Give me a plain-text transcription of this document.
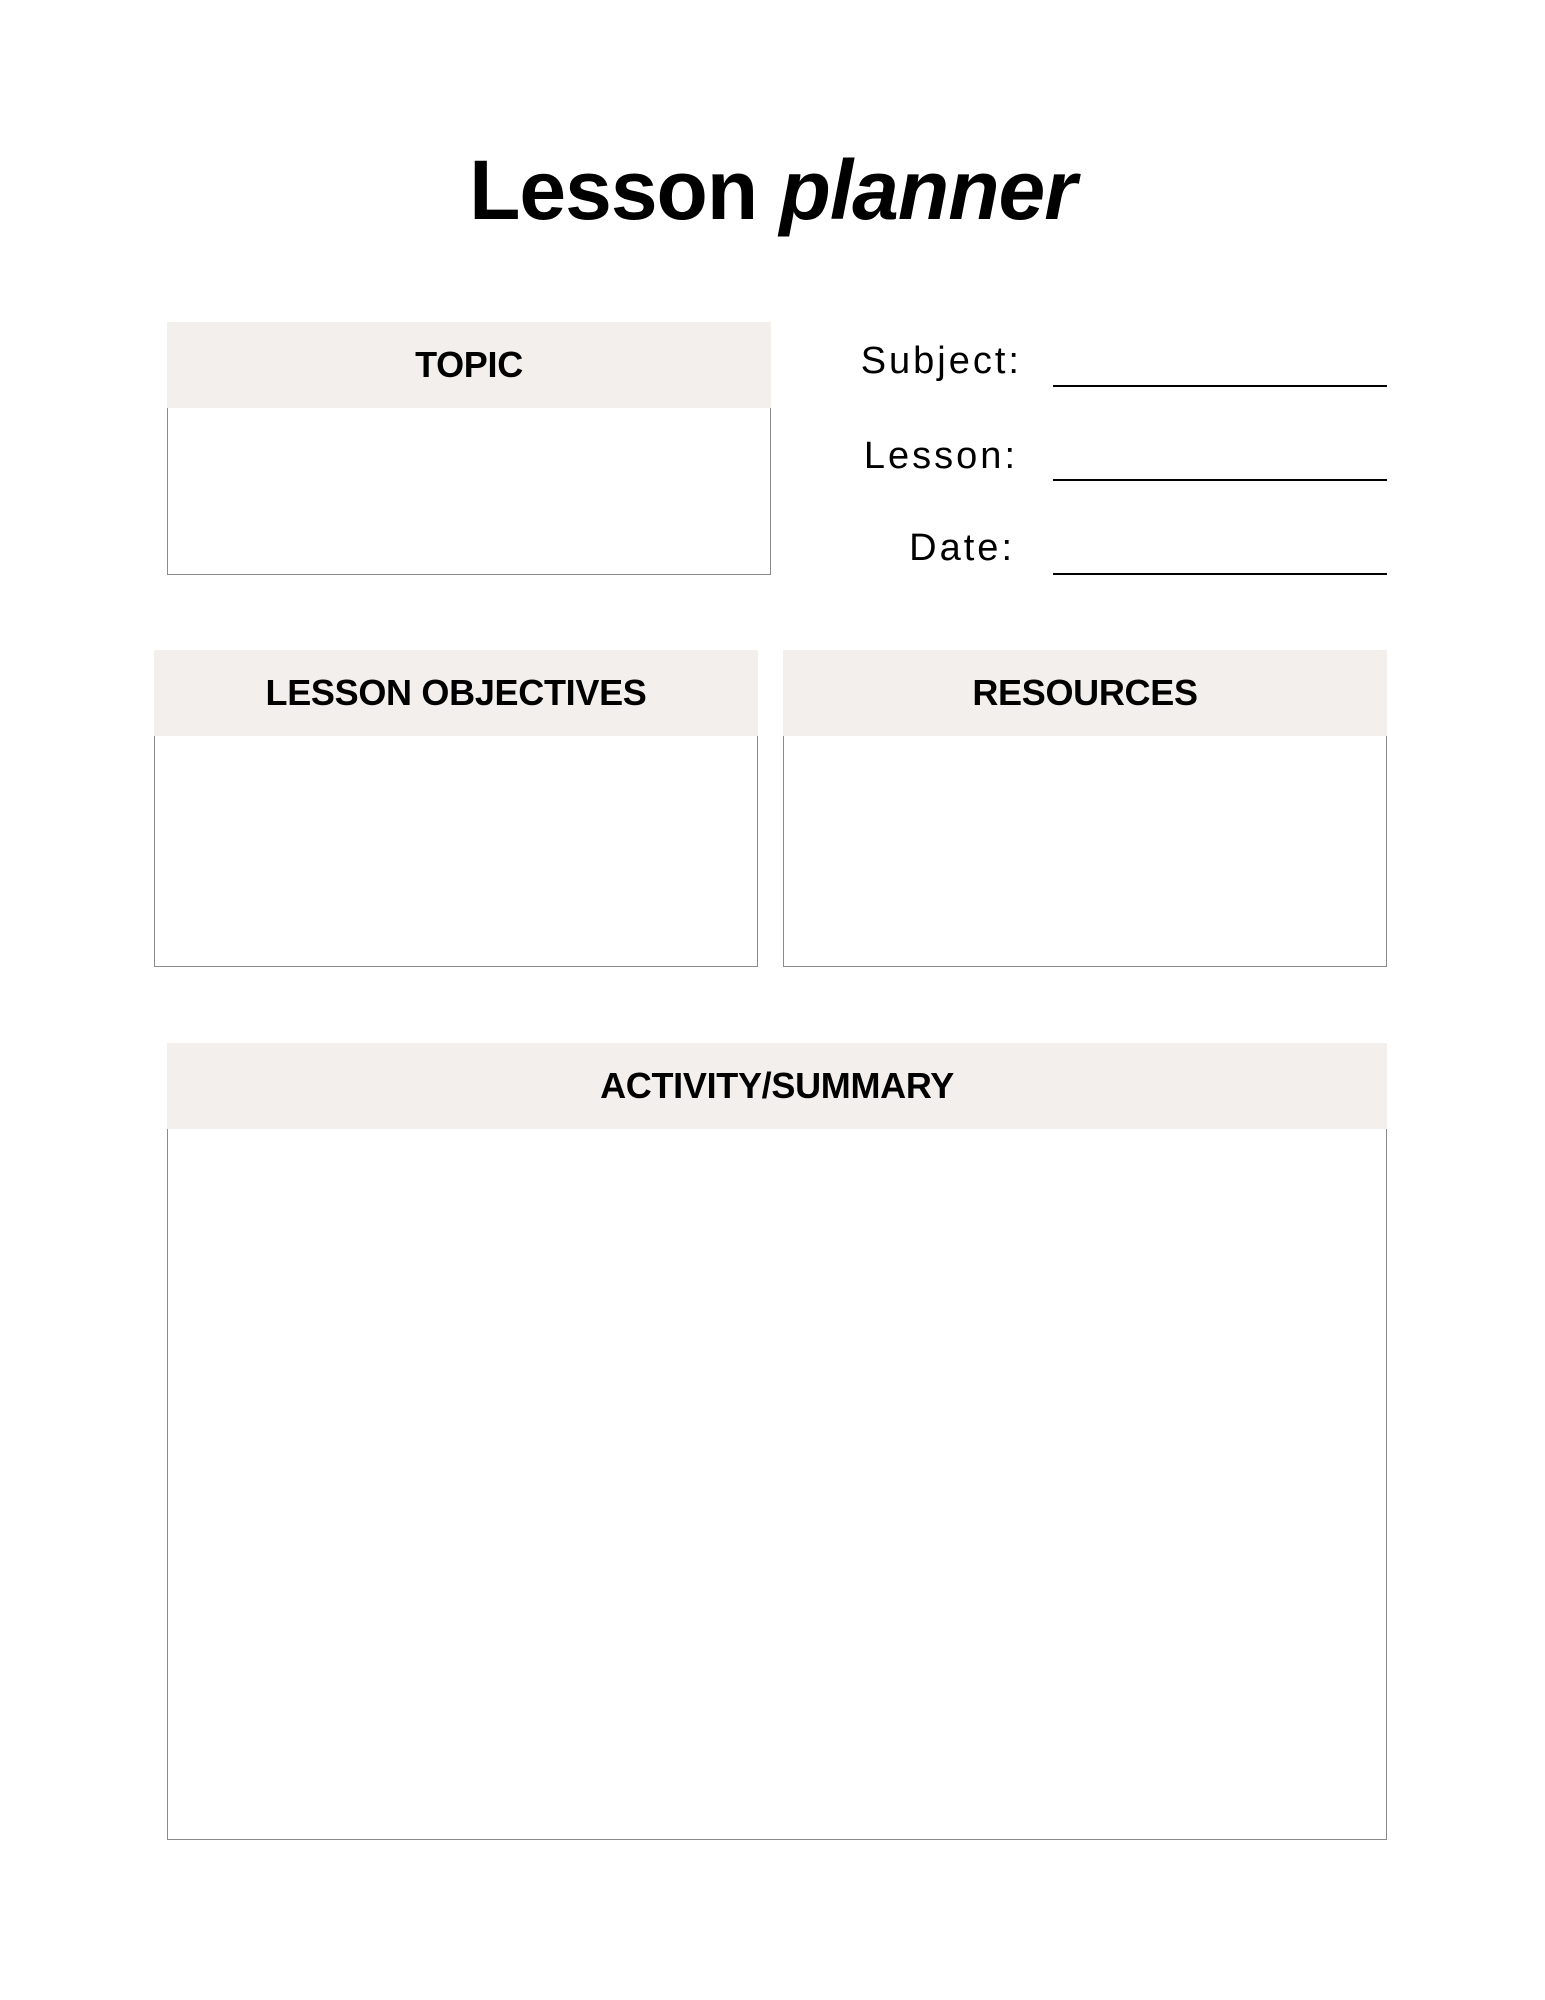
Lesson planner
TOPIC	Subject:
Lesson:
Date:
LESSON OBJECTIVES	RESOURCES
ACTIVITY/SUMMARY
